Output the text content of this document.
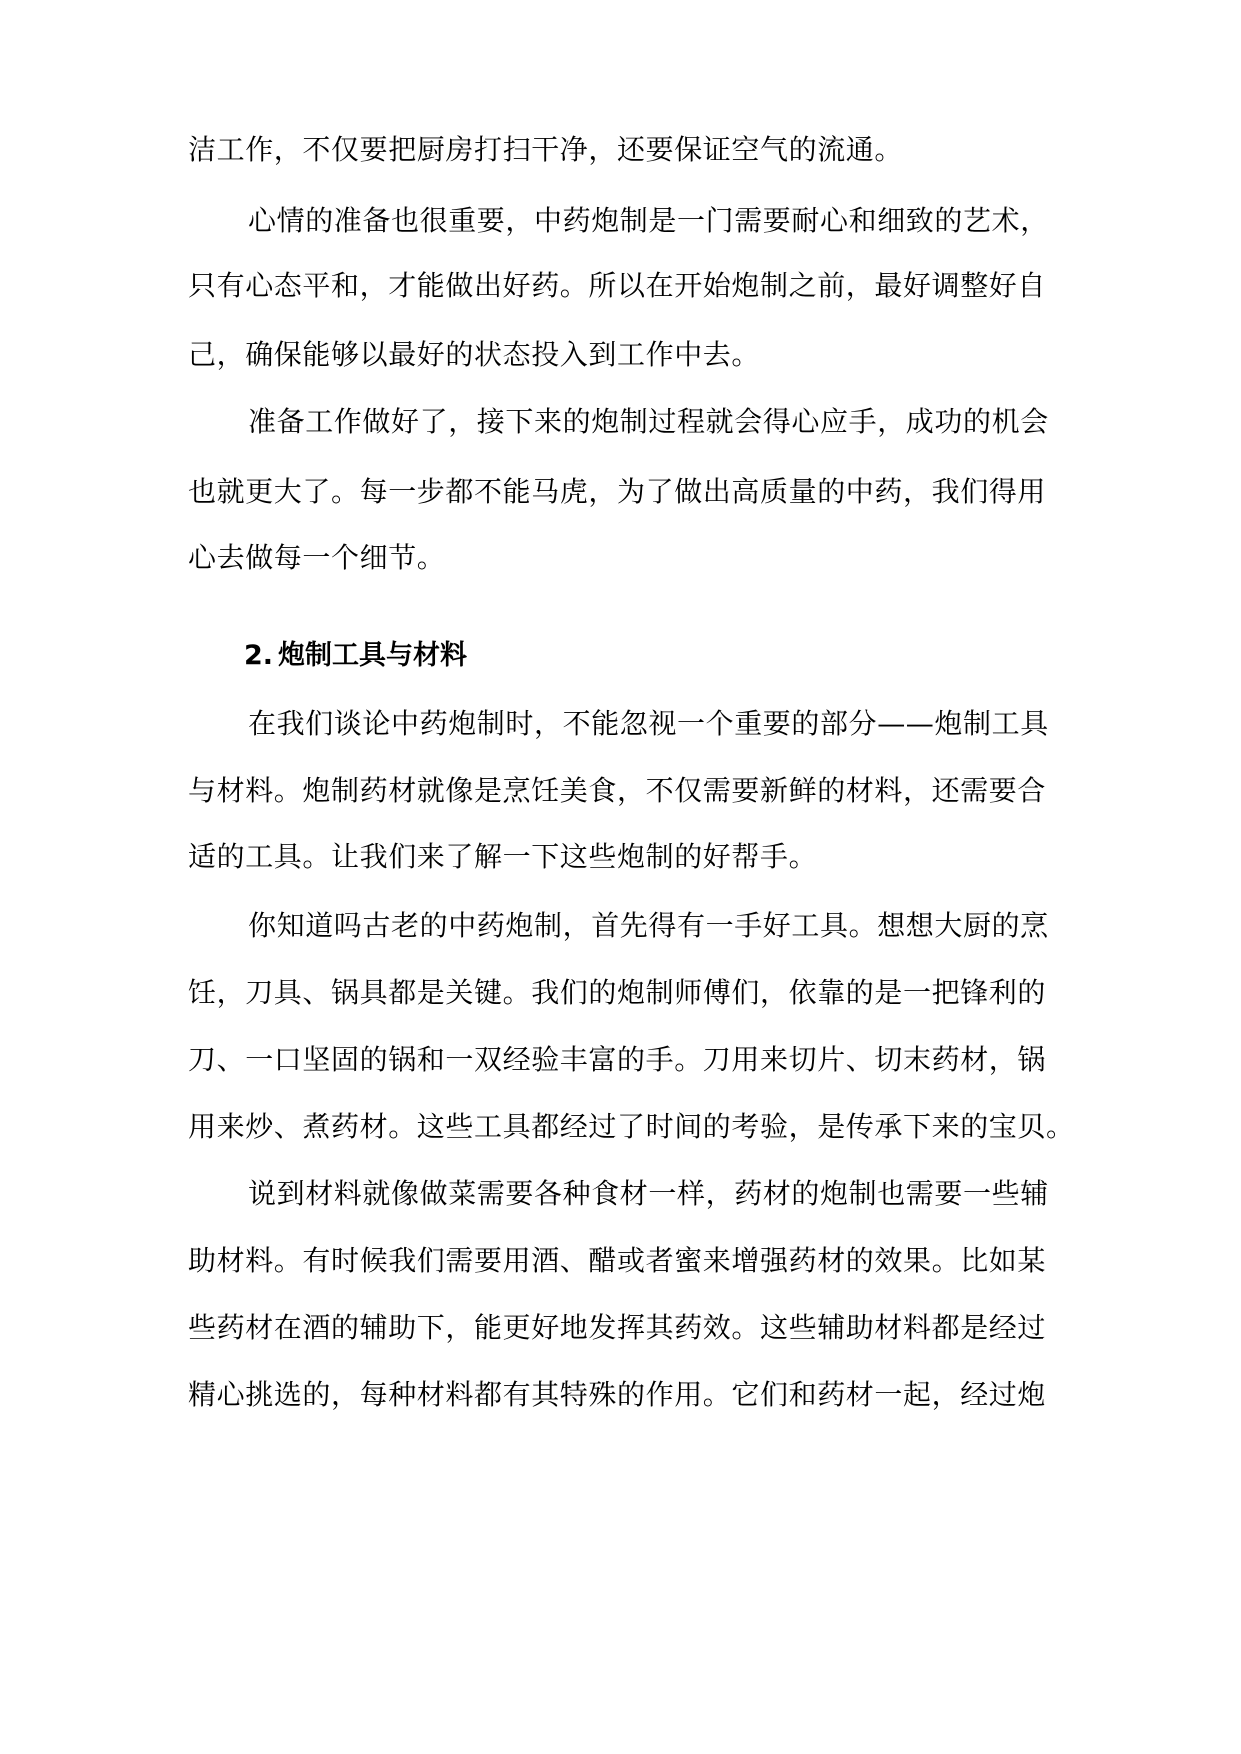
洁工作，不仅要把厨房打扫干净，还要保证空气的流通。
心情的准备也很重要，中药炮制是一门需要耐心和细致的艺术，
只有心态平和，才能做出好药。所以在开始炮制之前，最好调整好自
己，确保能够以最好的状态投入到工作中去。
准备工作做好了，接下来的炮制过程就会得心应手，成功的机会
也就更大了。每一步都不能马虎，为了做出高质量的中药，我们得用
心去做每一个细节。
2. 炮制工具与材料
在我们谈论中药炮制时，不能忽视一个重要的部分——炮制工具
与材料。炮制药材就像是烹饪美食，不仅需要新鲜的材料，还需要合
适的工具。让我们来了解一下这些炮制的好帮手。
你知道吗古老的中药炮制，首先得有一手好工具。想想大厨的烹
饪，刀具、锅具都是关键。我们的炮制师傅们，依靠的是一把锋利的
刀、一口坚固的锅和一双经验丰富的手。刀用来切片、切末药材，锅
用来炒、煮药材。这些工具都经过了时间的考验，是传承下来的宝贝。
说到材料就像做菜需要各种食材一样，药材的炮制也需要一些辅
助材料。有时候我们需要用酒、醋或者蜜来增强药材的效果。比如某
些药材在酒的辅助下，能更好地发挥其药效。这些辅助材料都是经过
精心挑选的，每种材料都有其特殊的作用。它们和药材一起，经过炮
